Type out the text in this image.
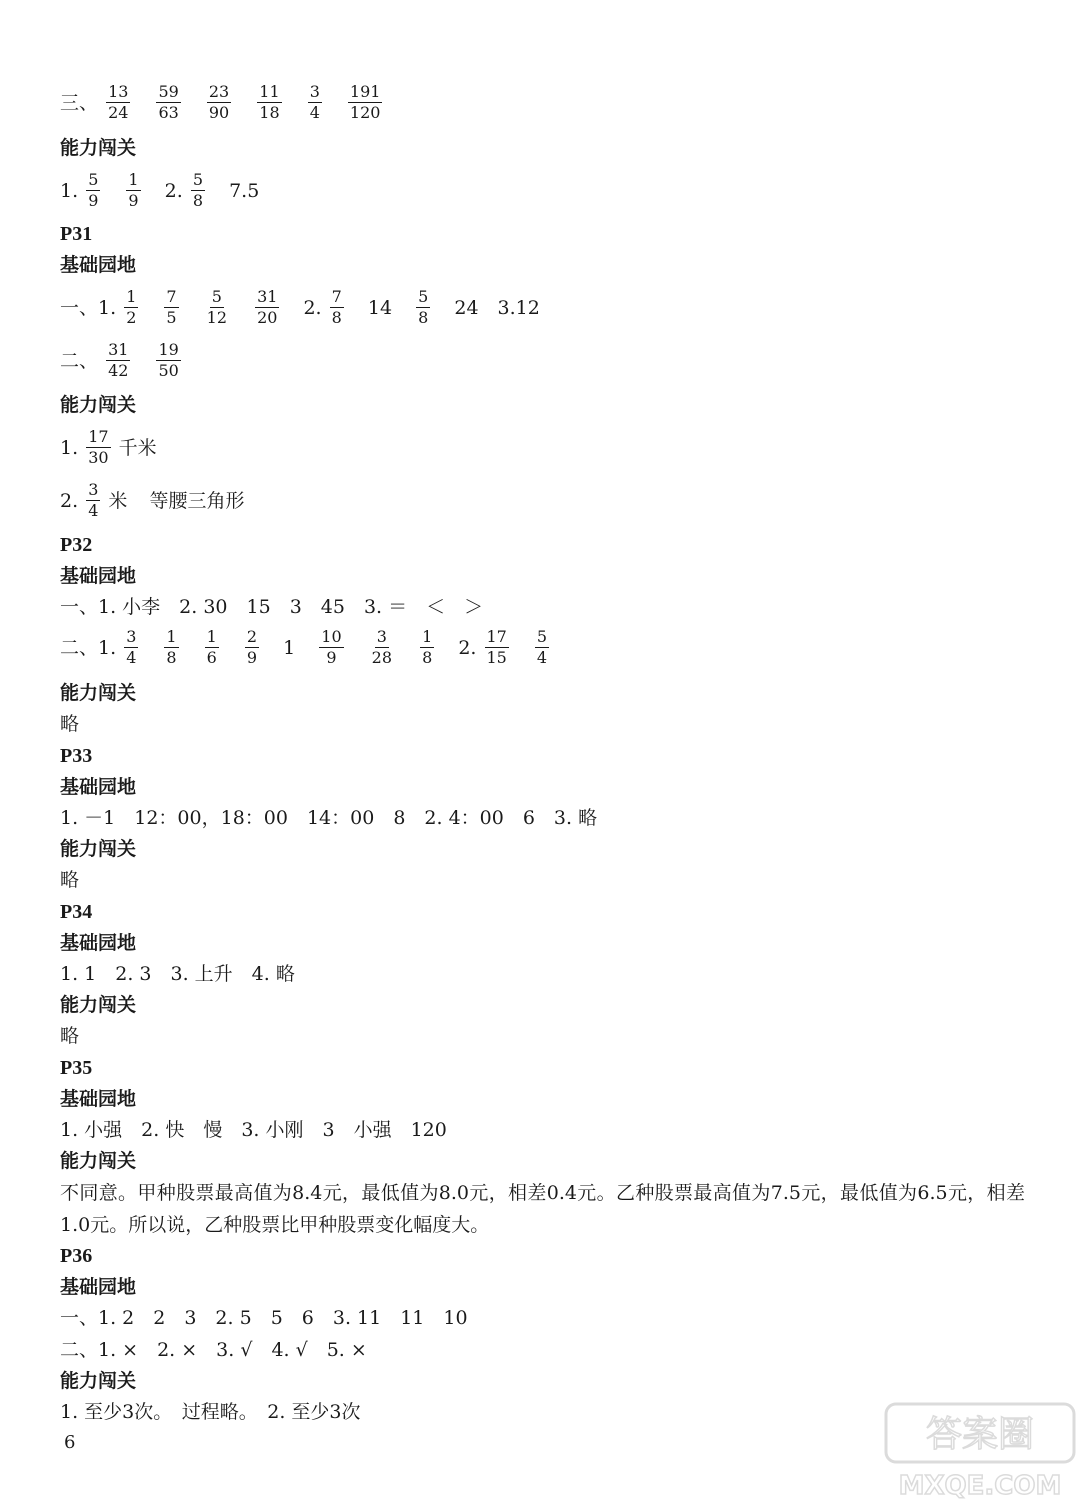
三、 $\frac{13}{24}$
$\frac{59}{63}$
$\frac{23}{90}$
$\frac{11}{18}$
$\frac{3}{4}$
$\frac{191}{120}$
能力闯关
1. $\frac{5}{9}$
$\frac{1}{9} 2$. $\frac{5}{8} 7.5$
P31
基础园地
一、1. $\frac{1}{2}$
$\frac{7}{5}$
$\frac{5}{12}$
$\frac{31}{20} 2$. $\frac{7}{8} 14 \frac{5}{8} 24$　3.12
二、 $\frac{31}{42}$
$\frac{19}{50}$
能力闯关
1. $\frac{17}{30}$ 千米
2. $\frac{3}{4}$ 米 等腰三角形
P32
基础园地
一、1. 小李　2. 30　15　3　45　3. ＝　＜　＞
二、1. $\frac{3}{4}$
$\frac{1}{8}$
$\frac{1}{6}$
$\frac{2}{9} 1 \frac{10}{9}$
$\frac{3}{28}$
$\frac{1}{8} 2$. $\frac{17}{15}$
$\frac{5}{4}$
能力闯关
略
P33
基础园地
1. －1　12：00，18：00　14：00　8　2. 4：00　6　3. 略
能力闯关
略
P34
基础园地
1. 1　2. 3　3. 上升　4. 略
能力闯关
略
P35
基础园地
1. 小强　2. 快　慢　3. 小刚　3　小强　120
能力闯关
不同意。甲种股票最高值为8.4元，最低值为8.0元，相差0.4元。乙种股票最高值为7.5元，最低值为6.5元，相差1.0元。所以说，乙种股票比甲种股票变化幅度大。
P36
基础园地
一、1. 2　2　3　2. 5　5　6　3. 11　11　10
二、1. ×　2. ×　3. √　4. √　5. ×
能力闯关
1. 至少3次。　过程略。　2. 至少3次
6	答案圈
MXQE.COM
